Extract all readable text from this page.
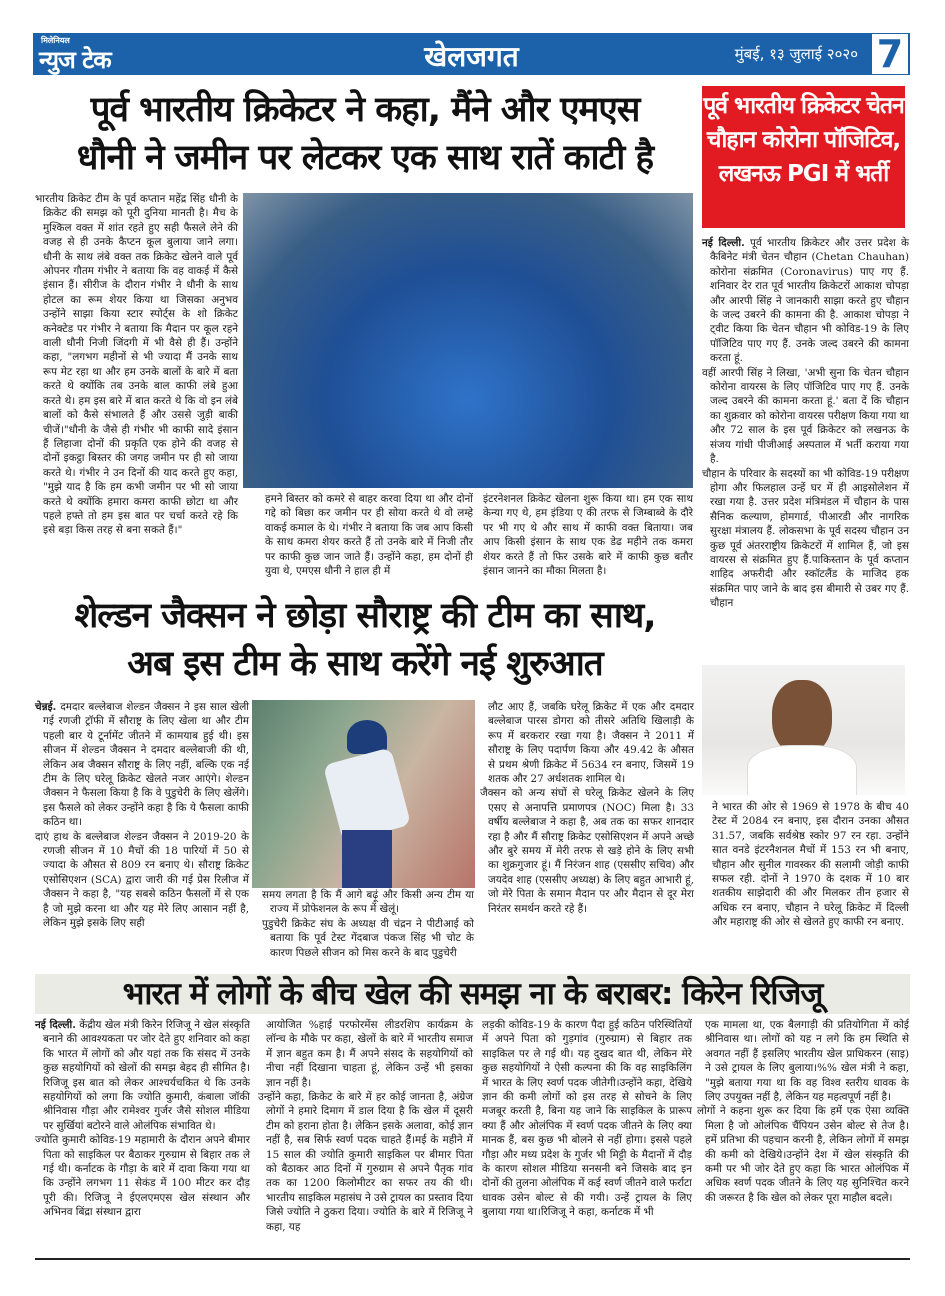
मिलेनियल
न्युज टेक	खेलजगत	मुंबई, १३ जुलाई २०२० 7
पूर्व भारतीय क्रिकेटर ने कहा, मैंने और एमएस
धौनी ने जमीन पर लेटकर एक साथ रातें काटी है
पूर्व भारतीय क्रिकेटर चेतन चौहान कोरोना पॉजिटिव, लखनऊ PGI में भर्ती

भारतीय क्रिकेट टीम के पूर्व कप्तान महेंद्र सिंह धौनी के क्रिकेट की समझ को पूरी दुनिया मानती है। मैच के मुश्किल वक्त में शांत रहते हुए सही फैसले लेने की वजह से ही उनके कैप्टन कूल बुलाया जाने लगा। धौनी के साथ लंबे वक्त तक क्रिकेट खेलने वाले पूर्व ओपनर गौतम गंभीर ने बताया कि वह वाकई में कैसे इंसान हैं। सीरीज के दौरान गंभीर ने धौनी के साथ होटल का रूम शेयर किया था जिसका अनुभव उन्होंने साझा किया स्टार स्पोर्ट्स के शो क्रिकेट कनेक्टेड पर गंभीर ने बताया कि मैदान पर कूल रहने वाली धौनी निजी जिंदगी में भी वैसे ही हैं। उन्होंने कहा, "लगभग महीनों से भी ज्यादा मैं उनके साथ रूप मेट रहा था और हम उनके बालों के बारे में बता करते थे क्योंकि तब उनके बाल काफी लंबे हुआ करते थे। हम इस बारे में बात करते थे कि वो इन लंबे बालों को कैसे संभालते हैं और उससे जुड़ी बाकी चीजें।"धौनी के जैसे ही गंभीर भी काफी सादे इंसान हैं लिहाजा दोनों की प्रकृति एक होने की वजह से दोनों इकट्ठा बिस्तर की जगह जमीन पर ही सो जाया करते थे। गंभीर ने उन दिनों की याद करते हुए कहा, "मुझे याद है कि हम कभी जमीन पर भी सो जाया करते थे क्योंकि हमारा कमरा काफी छोटा था और पहले हफ्ते तो हम इस बात पर चर्चा करते रहे कि इसे बड़ा किस तरह से बना सकते हैं।"

हमने बिस्तर को कमरे से बाहर करवा दिया था और दोनों गद्दे को बिछा कर जमीन पर ही सोया करते थे वो लम्हे वाकई कमाल के थे। गंभीर ने बताया कि जब आप किसी के साथ कमरा शेयर करते हैं तो उनके बारे में निजी तौर पर काफी कुछ जान जाते हैं। उन्होंने कहा, हम दोनों ही युवा थे, एमएस धौनी ने हाल ही में

इंटरनेशनल क्रिकेट खेलना शुरू किया था। हम एक साथ केन्या गए थे, हम इंडिया ए की तरफ से जिम्बाब्वे के दौरे पर भी गए थे और साथ में काफी वक्त बिताया। जब आप किसी इंसान के साथ एक डेढ महीने तक कमरा शेयर करते हैं तो फिर उसके बारे में काफी कुछ बतौर इंसान जानने का मौका मिलता है।

नई दिल्ली. पूर्व भारतीय क्रिकेटर और उत्तर प्रदेश के कैबिनेट मंत्री चेतन चौहान (Chetan Chauhan) कोरोना संक्रमित (Coronavirus) पाए गए हैं. शनिवार देर रात पूर्व भारतीय क्रिकेटरों आकाश चोपड़ा और आरपी सिंह ने जानकारी साझा करते हुए चौहान के जल्द उबरने की कामना की है. आकाश चोपड़ा ने ट्वीट किया कि चेतन चौहान भी कोविड-19 के लिए पॉजिटिव पाए गए हैं. उनके जल्द उबरने की कामना करता हूं.

वहीं आरपी सिंह ने लिखा, 'अभी सुना कि चेतन चौहान कोरोना वायरस के लिए पॉजिटिव पाए गए हैं. उनके जल्द उबरने की कामना करता हूं.' बता दें कि चौहान का शुक्रवार को कोरोना वायरस परीक्षण किया गया था और 72 साल के इस पूर्व क्रिकेटर को लखनऊ के संजय गांधी पीजीआई अस्पताल में भर्ती कराया गया है.

चौहान के परिवार के सदस्यों का भी कोविड-19 परीक्षण होगा और फिलहाल उन्हें घर में ही आइसोलेशन में रखा गया है. उत्तर प्रदेश मंत्रिमंडल में चौहान के पास सैनिक कल्याण, होमगार्ड, पीआरडी और नागरिक सुरक्षा मंत्रालय हैं. लोकसभा के पूर्व सदस्य चौहान उन कुछ पूर्व अंतरराष्ट्रीय क्रिकेटरों में शामिल हैं, जो इस वायरस से संक्रमित हुए हैं.पाकिस्तान के पूर्व कप्तान शाहिद अफरीदी और स्कॉटलैंड के माजिद हक संक्रमित पाए जाने के बाद इस बीमारी से उबर गए हैं. चौहान

ने भारत की ओर से 1969 से 1978 के बीच 40 टेस्ट में 2084 रन बनाए, इस दौरान उनका औसत 31.57, जबकि सर्वश्रेष्ठ स्कोर 97 रन रहा. उन्होंने सात वनडे इंटरनैशनल मैचों में 153 रन भी बनाए, चौहान और सुनील गावस्कर की सलामी जोड़ी काफी सफल रही. दोनों ने 1970 के दशक में 10 बार शतकीय साझेदारी की और मिलकर तीन हजार से अधिक रन बनाए, चौहान ने घरेलू क्रिकेट में दिल्ली और महाराष्ट्र की ओर से खेलते हुए काफी रन बनाए.

शेल्डन जैक्सन ने छोड़ा सौराष्ट्र की टीम का साथ,
अब इस टीम के साथ करेंगे नई शुरुआत

चेन्नई. दमदार बल्लेबाज शेल्डन जैक्सन ने इस साल खेली गई रणजी ट्रॉफी में सौराष्ट्र के लिए खेला था और टीम पहली बार ये टूर्नामेंट जीतने में कामयाब हुई थी। इस सीजन में शेल्डन जैक्सन ने दमदार बल्लेबाजी की थी, लेकिन अब जैक्सन सौराष्ट्र के लिए नहीं, बल्कि एक नई टीम के लिए घरेलू क्रिकेट खेलते नजर आएंगे। शेल्डन जैक्सन ने फैसला किया है कि वे पुडुचेरी के लिए खेलेंगे। इस फैसले को लेकर उन्होंने कहा है कि ये फैसला काफी कठिन था।

दाएं हाथ के बल्लेबाज शेल्डन जैक्सन ने 2019-20 के रणजी सीजन में 10 मैचों की 18 पारियों में 50 से ज्यादा के औसत से 809 रन बनाए थे। सौराष्ट्र क्रिकेट एसोसिएशन (SCA) द्वारा जारी की गई प्रेस रिलीज में जैक्सन ने कहा है, "यह सबसे कठिन फैसलों में से एक है जो मुझे करना था और यह मेरे लिए आसान नहीं है, लेकिन मुझे इसके लिए सही

समय लगता है कि मैं आगे बढ़ूं और किसी अन्य टीम या राज्य में प्रोफेशनल के रूप में खेलूं।

पुडुचेरी क्रिकेट संघ के अध्यक्ष वी चंद्रन ने पीटीआई को बताया कि पूर्व टेस्ट गेंदबाज पंकज सिंह भी चोट के कारण पिछले सीजन को मिस करने के बाद पुडुचेरी

लौट आए हैं, जबकि घरेलू क्रिकेट में एक और दमदार बल्लेबाज पारस डोगरा को तीसरे अतिथि खिलाड़ी के रूप में बरकरार रखा गया है। जैक्सन ने 2011 में सौराष्ट्र के लिए पदार्पण किया और 49.42 के औसत से प्रथम श्रेणी क्रिकेट में 5634 रन बनाए, जिसमें 19 शतक और 27 अर्धशतक शामिल थे।

जैक्सन को अन्य संघों से घरेलू क्रिकेट खेलने के लिए एसए से अनापत्ति प्रमाणपत्र (NOC) मिला है। 33 वर्षीय बल्लेबाज ने कहा है, अब तक का सफर शानदार रहा है और मैं सौराष्ट्र क्रिकेट एसोसिएशन में अपने अच्छे और बुरे समय में मेरी तरफ से खड़े होने के लिए सभी का शुक्रगुजार हूं। मैं निरंजन शाह (एससीए सचिव) और जयदेव शाह (एससीए अध्यक्ष) के लिए बहुत आभारी हूं, जो मेरे पिता के समान मैदान पर और मैदान से दूर मेरा निरंतर समर्थन करते रहे हैं।

भारत में लोगों के बीच खेल की समझ ना के बराबर: किरेन रिजिजू

नई दिल्ली. केंद्रीय खेल मंत्री किरेन रिजिजू ने खेल संस्कृति बनाने की आवश्यकता पर जोर देते हुए शनिवार को कहा कि भारत में लोगों को और यहां तक कि संसद में उनके कुछ सहयोगियों को खेलों की समझ बेहद ही सीमित है। रिजिजू इस बात को लेकर आश्चर्यचकित थे कि उनके सहयोगियों को लगा कि ज्योति कुमारी, कंबाला जॉकी श्रीनिवास गौड़ा और रामेश्वर गुर्जर जैसे सोशल मीडिया पर सुर्खियां बटोरने वाले ओलंपिक संभावित थे।

ज्योति कुमारी कोविड-19 महामारी के दौरान अपने बीमार पिता को साइकिल पर बैठाकर गुरुग्राम से बिहार तक ले गई थी। कर्नाटक के गौड़ा के बारे में दावा किया गया था कि उन्होंने लगभग 11 सेकंड में 100 मीटर कर दौड़ पूरी की। रिजिजू ने ईएलएमएस खेल संस्थान और अभिनव बिंद्रा संस्थान द्वारा

आयोजित %हाई परफोरमेंस लीडरशिप कार्यक्रम के लॉन्च के मौके पर कहा, खेलों के बारे में भारतीय समाज में ज्ञान बहुत कम है। मैं अपने संसद के सहयोगियों को नीचा नहीं दिखाना चाहता हूं, लेकिन उन्हें भी इसका ज्ञान नहीं है।

उन्होंने कहा, क्रिकेट के बारे में हर कोई जानता है, अंग्रेज लोगों ने हमारे दिमाग में डाल दिया है कि खेल में दूसरी टीम को हराना होता है। लेकिन इसके अलावा, कोई ज्ञान नहीं है, सब सिर्फ स्वर्ण पदक चाहते हैं।मई के महीने में 15 साल की ज्योति कुमारी साइकिल पर बीमार पिता को बैठाकर आठ दिनों में गुरुग्राम से अपने पैतृक गांव तक का 1200 किलोमीटर का सफर तय की थी। भारतीय साइकिल महासंघ ने उसे ट्रायल का प्रस्ताव दिया जिसे ज्योति ने ठुकरा दिया। ज्योति के बारे में रिजिजू ने कहा, यह

लड़की कोविड-19 के कारण पैदा हुई कठिन परिस्थितियों में अपने पिता को गुड़गांव (गुरुग्राम) से बिहार तक साइकिल पर ले गई थी। यह दुखद बात थी, लेकिन मेरे कुछ सहयोगियों ने ऐसी कल्पना की कि वह साइकिलिंग में भारत के लिए स्वर्ण पदक जीतेगी।उन्होंने कहा, देखिये ज्ञान की कमी लोगों को इस तरह से सोचने के लिए मजबूर करती है, बिना यह जाने कि साइकिल के प्रारूप क्या हैं और ओलंपिक में स्वर्ण पदक जीतने के लिए क्या मानक हैं, बस कुछ भी बोलने से नहीं होगा। इससे पहले गौड़ा और मध्य प्रदेश के गुर्जर भी मिट्टी के मैदानों में दौड़ के कारण सोशल मीडिया सनसनी बने जिसके बाद इन दोनों की तुलना ओलंपिक में कई स्वर्ण जीतने वाले फर्राटा धावक उसेन बोल्ट से की गयी। उन्हें ट्रायल के लिए बुलाया गया था।रिजिजू ने कहा, कर्नाटक में भी

एक मामला था, एक बैलगाड़ी की प्रतियोगिता में कोई श्रीनिवास था। लोगों को यह न लगे कि हम स्थिति से अवगत नहीं हैं इसलिए भारतीय खेल प्राधिकरन (साइ) ने उसे ट्रायल के लिए बुलाया।%% खेल मंत्री ने कहा, "मुझे बताया गया था कि वह विश्व स्तरीय धावक के लिए उपयुक्त नहीं है, लेकिन यह महत्वपूर्ण नहीं है।

लोगों ने कहना शुरू कर दिया कि हमें एक ऐसा व्यक्ति मिला है जो ओलंपिक चैंपियन उसेन बोल्ट से तेज है। हमें प्रतिभा की पहचान करनी है, लेकिन लोगों में समझ की कमी को देखिये।उन्होंने देश में खेल संस्कृति की कमी पर भी जोर देते हुए कहा कि भारत ओलंपिक में अधिक स्वर्ण पदक जीतने के लिए यह सुनिश्चित करने की जरूरत है कि खेल को लेकर पूरा माहौल बदले।
